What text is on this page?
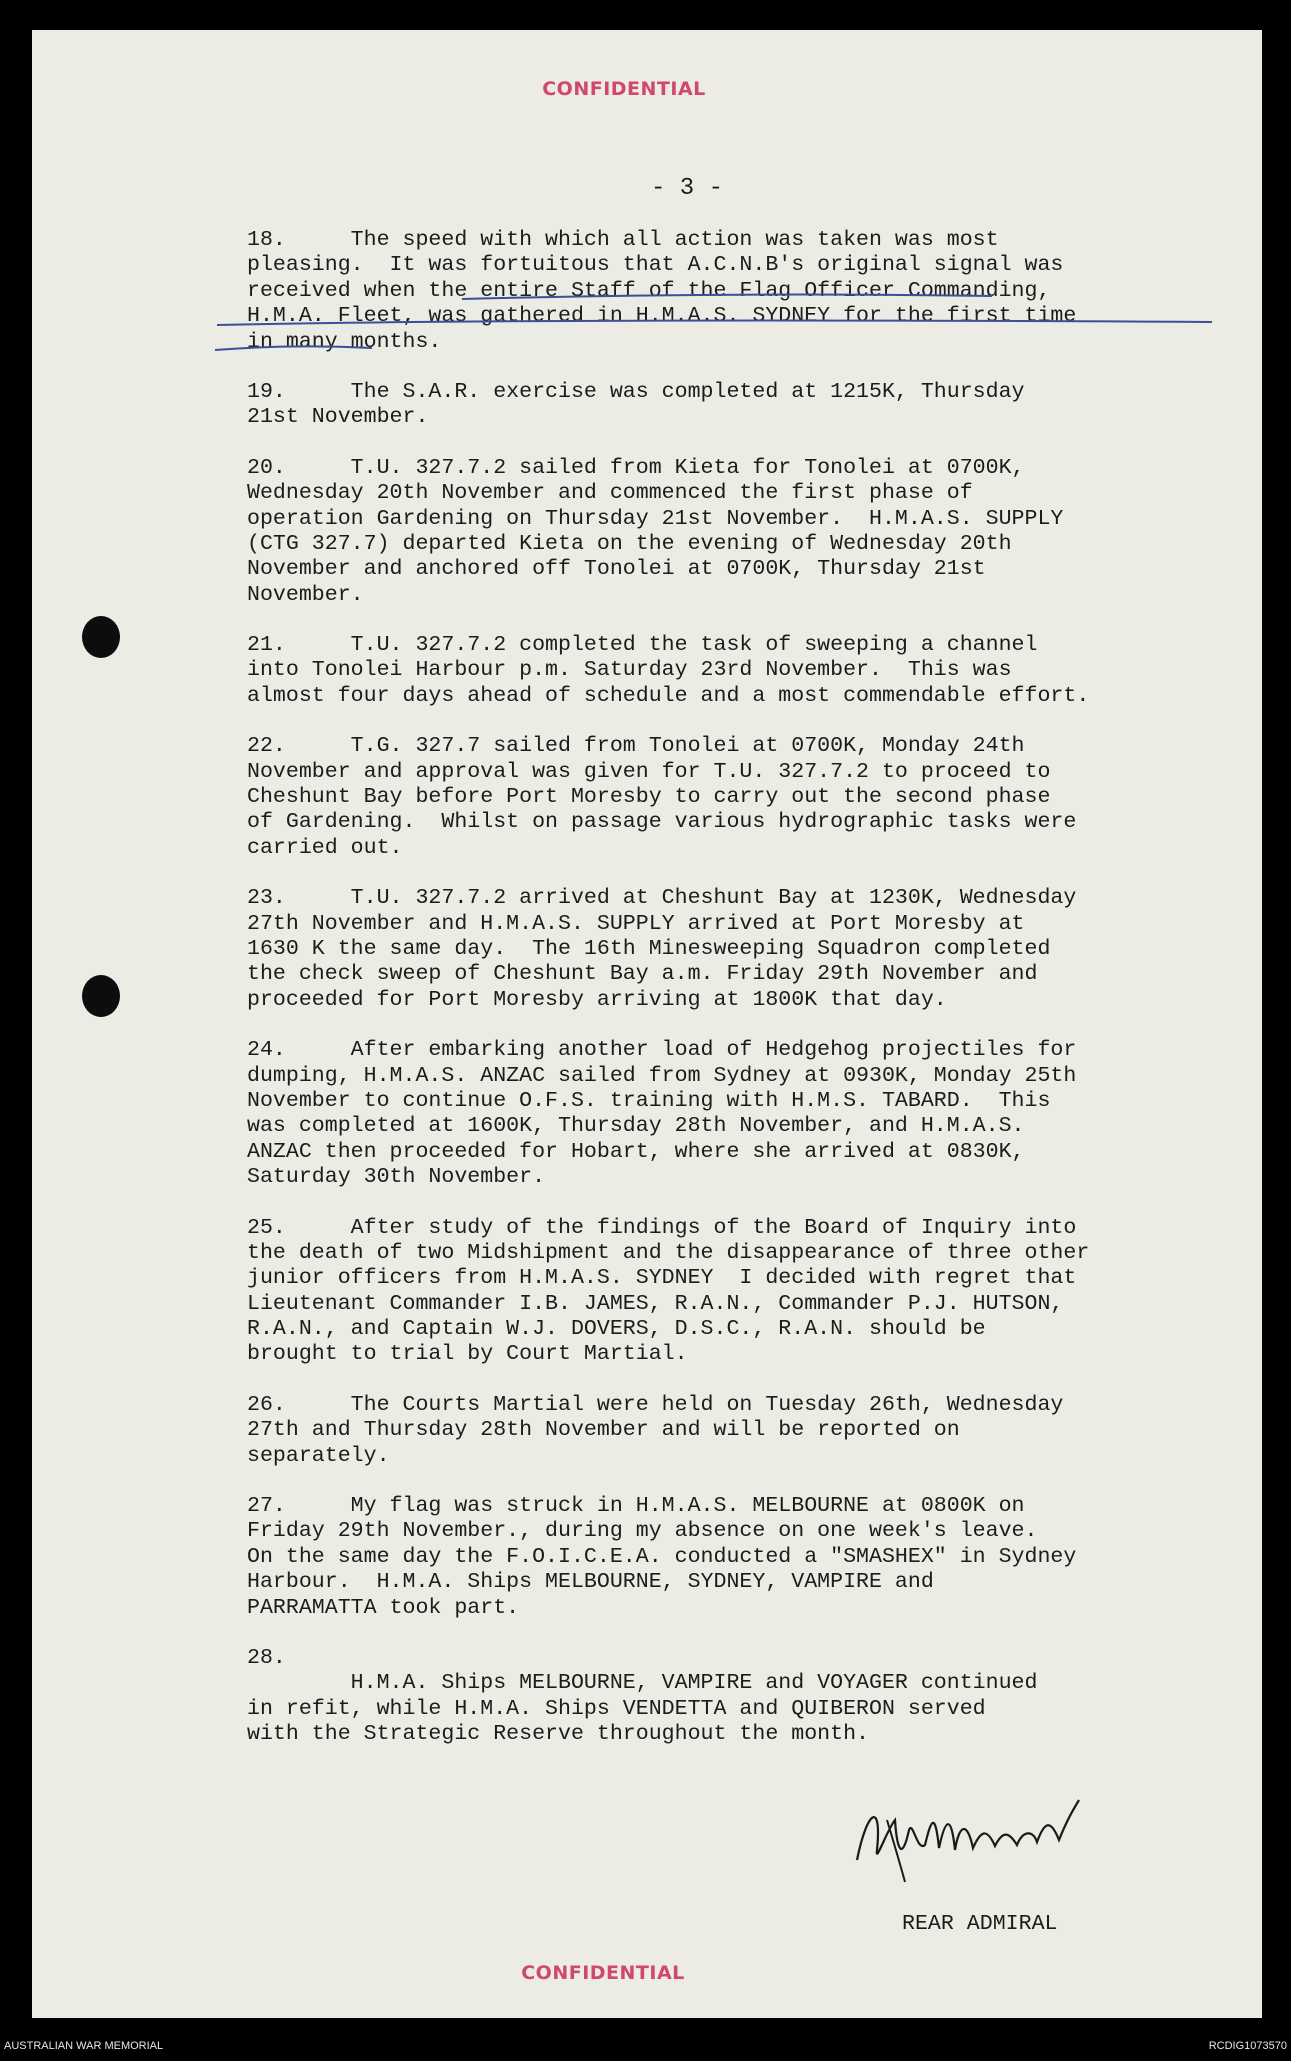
CONFIDENTIAL
- 3 -
18.     The speed with which all action was taken was most
pleasing.  It was fortuitous that A.C.N.B's original signal was
received when the entire Staff of the Flag Officer Commanding,
H.M.A. Fleet, was gathered in H.M.A.S. SYDNEY for the first time
in many months.
19.     The S.A.R. exercise was completed at 1215K, Thursday
21st November.
20.     T.U. 327.7.2 sailed from Kieta for Tonolei at 0700K,
Wednesday 20th November and commenced the first phase of
operation Gardening on Thursday 21st November.  H.M.A.S. SUPPLY
(CTG 327.7) departed Kieta on the evening of Wednesday 20th
November and anchored off Tonolei at 0700K, Thursday 21st
November.
21.     T.U. 327.7.2 completed the task of sweeping a channel
into Tonolei Harbour p.m. Saturday 23rd November.  This was
almost four days ahead of schedule and a most commendable effort.
22.     T.G. 327.7 sailed from Tonolei at 0700K, Monday 24th
November and approval was given for T.U. 327.7.2 to proceed to
Cheshunt Bay before Port Moresby to carry out the second phase
of Gardening.  Whilst on passage various hydrographic tasks were
carried out.
23.     T.U. 327.7.2 arrived at Cheshunt Bay at 1230K, Wednesday
27th November and H.M.A.S. SUPPLY arrived at Port Moresby at
1630 K the same day.  The 16th Minesweeping Squadron completed
the check sweep of Cheshunt Bay a.m. Friday 29th November and
proceeded for Port Moresby arriving at 1800K that day.
24.     After embarking another load of Hedgehog projectiles for
dumping, H.M.A.S. ANZAC sailed from Sydney at 0930K, Monday 25th
November to continue O.F.S. training with H.M.S. TABARD.  This
was completed at 1600K, Thursday 28th November, and H.M.A.S.
ANZAC then proceeded for Hobart, where she arrived at 0830K,
Saturday 30th November.
25.     After study of the findings of the Board of Inquiry into
the death of two Midshipment and the disappearance of three other
junior officers from H.M.A.S. SYDNEY  I decided with regret that
Lieutenant Commander I.B. JAMES, R.A.N., Commander P.J. HUTSON,
R.A.N., and Captain W.J. DOVERS, D.S.C., R.A.N. should be
brought to trial by Court Martial.
26.     The Courts Martial were held on Tuesday 26th, Wednesday
27th and Thursday 28th November and will be reported on
separately.
27.     My flag was struck in H.M.A.S. MELBOURNE at 0800K on
Friday 29th November., during my absence on one week's leave.
On the same day the F.O.I.C.E.A. conducted a "SMASHEX" in Sydney
Harbour.  H.M.A. Ships MELBOURNE, SYDNEY, VAMPIRE and
PARRAMATTA took part.
28.
H.M.A. Ships MELBOURNE, VAMPIRE and VOYAGER continued
in refit, while H.M.A. Ships VENDETTA and QUIBERON served
with the Strategic Reserve throughout the month.
REAR ADMIRAL
CONFIDENTIAL
AUSTRALIAN WAR MEMORIAL	RCDIG1073570
